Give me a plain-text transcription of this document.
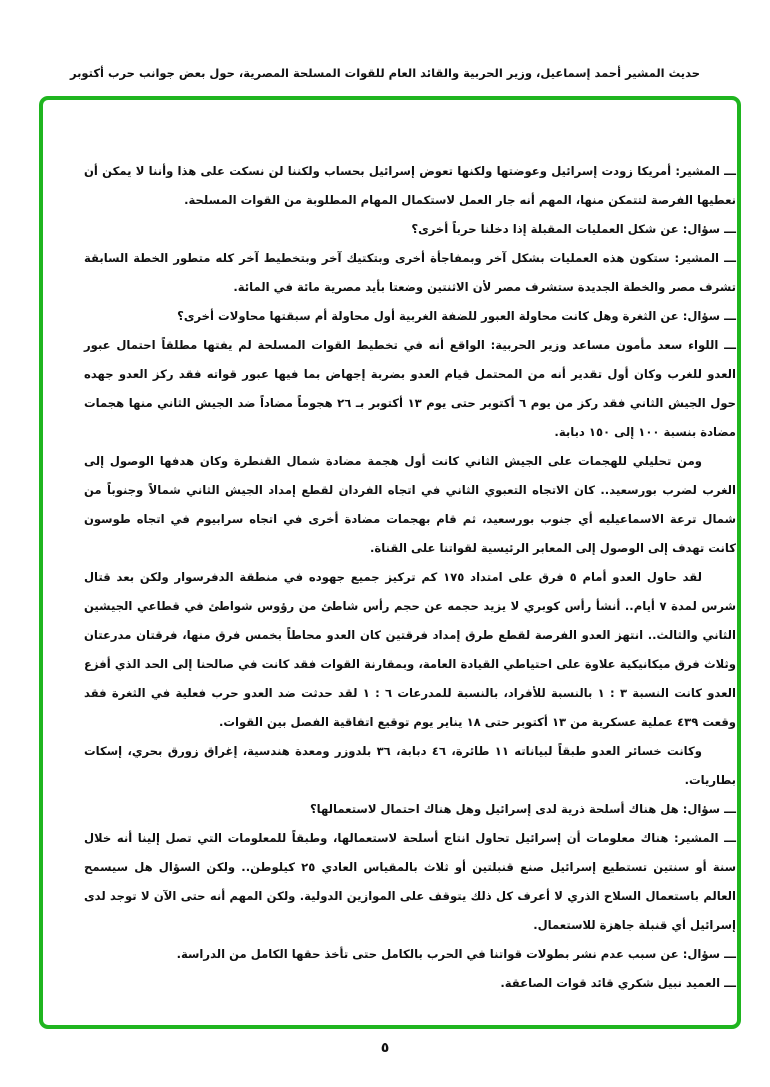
حديث المشير أحمد إسماعيل، وزير الحربية والقائد العام للقوات المسلحة المصرية، حول بعض جوانب حرب أكتوبر

ـــ المشير: أمريكا زودت إسرائيل وعوضتها ولكنها تعوض إسرائيل بحساب ولكننا لن نسكت على هذا وأننا لا يمكن أن نعطيها الفرصة لتتمكن منها، المهم أنه جار العمل لاستكمال المهام المطلوبة من القوات المسلحة.

ـــ سؤال: عن شكل العمليات المقبلة إذا دخلنا حرباً أخرى؟

ـــ المشير: ستكون هذه العمليات بشكل آخر وبمفاجأة أخرى وبتكتيك آخر وبتخطيط آخر كله متطور الخطة السابقة تشرف مصر والخطة الجديدة ستشرف مصر لأن الاثنتين وضعتا بأيد مصرية مائة في المائة.

ـــ سؤال: عن الثغرة وهل كانت محاولة العبور للضفة الغربية أول محاولة أم سبقتها محاولات أخرى؟

ـــ اللواء سعد مأمون مساعد وزير الحربية: الواقع أنه في تخطيط القوات المسلحة لم يفتها مطلقاً احتمال عبور العدو للغرب وكان أول تقدير أنه من المحتمل قيام العدو بضربة إجهاض بما فيها عبور قواته فقد ركز العدو جهده حول الجيش الثاني فقد ركز من يوم ٦ أكتوبر حتى يوم ١٣ أكتوبر بـ ٢٦ هجوماً مضاداً ضد الجيش الثاني منها هجمات مضادة بنسبة ١٠٠ إلى ١٥٠ دبابة.

ومن تحليلي للهجمات على الجيش الثاني كانت أول هجمة مضادة شمال القنطرة وكان هدفها الوصول إلى الغرب لضرب بورسعيد.. كان الاتجاه التعبوي الثاني في اتجاه الفردان لقطع إمداد الجيش الثاني شمالاً وجنوباً من شمال ترعة الاسماعيليه أي جنوب بورسعيد، ثم قام بهجمات مضادة أخرى في اتجاه سرابيوم في اتجاه طوسون كانت تهدف إلى الوصول إلى المعابر الرئيسية لقواتنا على القناة.

لقد حاول العدو أمام ٥ فرق على امتداد ١٧٥ كم تركيز جميع جهوده في منطقة الدفرسوار ولكن بعد قتال شرس لمدة ٧ أيام.. أنشأ رأس كوبري لا يزيد حجمه عن حجم رأس شاطئ من رؤوس شواطئ في قطاعي الجيشين الثاني والثالث.. انتهز العدو الفرصة لقطع طرق إمداد فرقتين كان العدو محاطاً بخمس فرق منها، فرقتان مدرعتان وثلاث فرق ميكانيكية علاوة على احتياطي القيادة العامة، وبمقارنة القوات فقد كانت في صالحنا إلى الحد الذي أفزع العدو كانت النسبة ٣ : ١ بالنسبة للأفراد، بالنسبة للمدرعات ٦ : ١ لقد حدثت ضد العدو حرب فعلية في الثغرة فقد وقعت ٤٣٩ عملية عسكرية من ١٣ أكتوبر حتى ١٨ يناير يوم توقيع اتفاقية الفصل بين القوات.

وكانت خسائر العدو طبقاً لبياناته ١١ طائرة، ٤٦ دبابة، ٣٦ بلدوزر ومعدة هندسية، إغراق زورق بحري، إسكات بطاريات.

ـــ سؤال: هل هناك أسلحة ذرية لدى إسرائيل وهل هناك احتمال لاستعمالها؟

ـــ المشير: هناك معلومات أن إسرائيل تحاول انتاج أسلحة لاستعمالها، وطبقاً للمعلومات التي تصل إلينا أنه خلال سنة أو سنتين تستطيع إسرائيل صنع قنبلتين أو ثلاث بالمقياس العادي ٢٥ كيلوطن.. ولكن السؤال هل سيسمح العالم باستعمال السلاح الذري لا أعرف كل ذلك يتوقف على الموازين الدولية. ولكن المهم أنه حتى الآن لا توجد لدى إسرائيل أي قنبلة جاهزة للاستعمال.

ـــ سؤال: عن سبب عدم نشر بطولات قواتنا في الحرب بالكامل حتى تأخذ حقها الكامل من الدراسة.

ـــ العميد نبيل شكري قائد قوات الصاعقة.

٥
